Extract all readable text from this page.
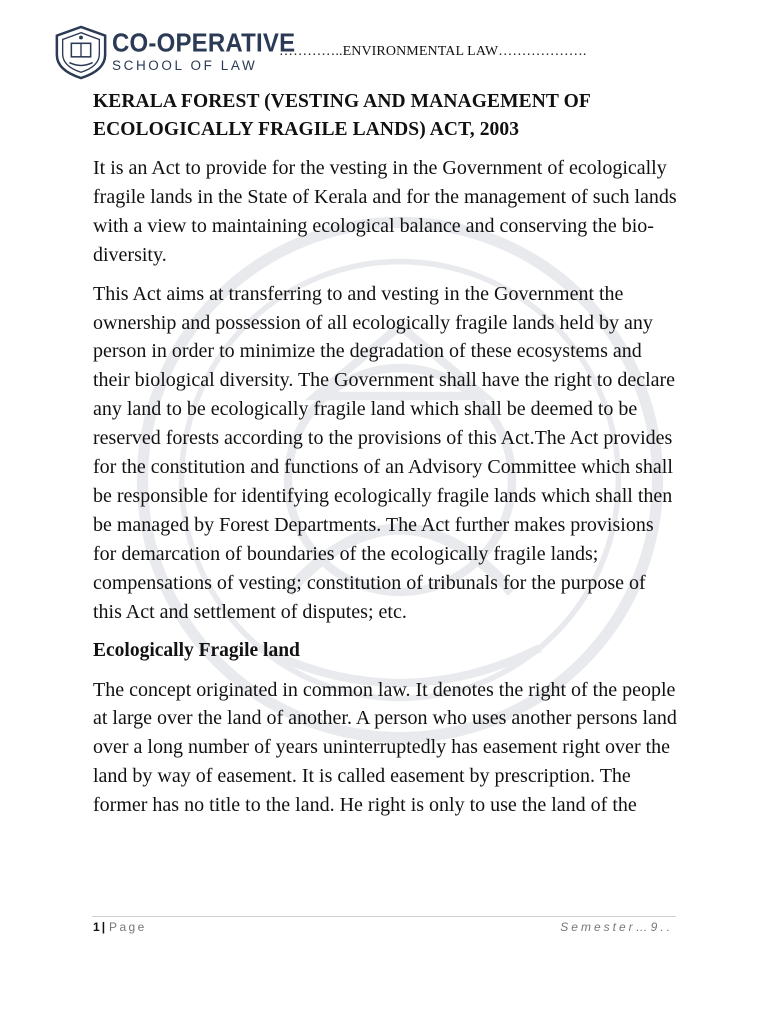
CO-OPERATIVE
SCHOOL OF LAW
…………..ENVIRONMENTAL LAW……………….
KERALA FOREST (VESTING AND MANAGEMENT OF ECOLOGICALLY FRAGILE LANDS) ACT, 2003

It is an Act to provide for the vesting in the Government of ecologically fragile lands in the State of Kerala and for the management of such lands with a view to maintaining ecological balance and conserving the bio-diversity.

This Act aims at transferring to and vesting in the Government the ownership and possession of all ecologically fragile lands held by any person in order to minimize the degradation of these ecosystems and their biological diversity. The Government shall have the right to declare any land to be ecologically fragile land which shall be deemed to be reserved forests according to the provisions of this Act.The Act provides for the constitution and functions of an Advisory Committee which shall be responsible for identifying ecologically fragile lands which shall then be managed by Forest Departments. The Act further makes provisions for demarcation of boundaries of the ecologically fragile lands; compensations of vesting; constitution of tribunals for the purpose of this Act and settlement of disputes; etc.

Ecologically Fragile land

The concept originated in common law. It denotes the right of the people at large over the land of another. A person who uses another persons land over a long number of years uninterruptedly has easement right over the land by way of easement. It is called easement by prescription. The former has no title to the land. He right is only to use the land of the

1 | Page	Semester…9..
